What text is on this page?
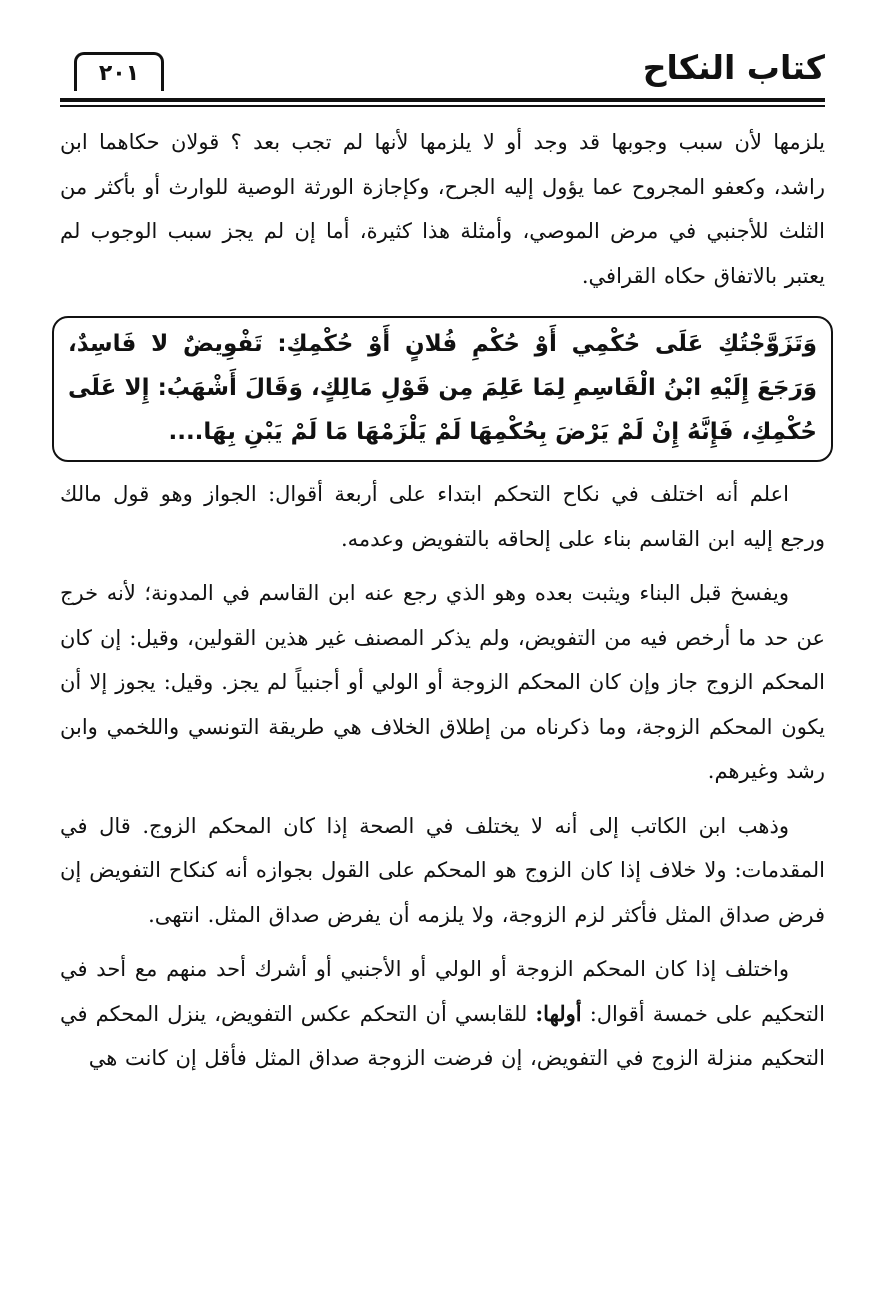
كتاب النكاح
٢٠١

يلزمها لأن سبب وجوبها قد وجد أو لا يلزمها لأنها لم تجب بعد ؟ قولان حكاهما ابن راشد، وكعفو المجروح عما يؤول إليه الجرح، وكإجازة الورثة الوصية للوارث أو بأكثر من الثلث للأجنبي في مرض الموصي، وأمثلة هذا كثيرة، أما إن لم يجز سبب الوجوب لم يعتبر بالاتفاق حكاه القرافي.

وَتَزَوَّجْتُكِ عَلَى حُكْمِي أَوْ حُكْمِ فُلانٍ أَوْ حُكْمِكِ: تَفْوِيضٌ لا فَاسِدٌ، وَرَجَعَ إِلَيْهِ ابْنُ الْقَاسِمِ لِمَا عَلِمَ مِن قَوْلِ مَالِكٍ، وَقَالَ أَشْهَبُ: إِلا عَلَى حُكْمِكِ، فَإِنَّهُ إِنْ لَمْ يَرْضَ بِحُكْمِهَا لَمْ يَلْزَمْهَا مَا لَمْ يَبْنِ بِهَا....

اعلم أنه اختلف في نكاح التحكم ابتداء على أربعة أقوال: الجواز وهو قول مالك ورجع إليه ابن القاسم بناء على إلحاقه بالتفويض وعدمه.

ويفسخ قبل البناء ويثبت بعده وهو الذي رجع عنه ابن القاسم في المدونة؛ لأنه خرج عن حد ما أرخص فيه من التفويض، ولم يذكر المصنف غير هذين القولين، وقيل: إن كان المحكم الزوج جاز وإن كان المحكم الزوجة أو الولي أو أجنبياً لم يجز. وقيل: يجوز إلا أن يكون المحكم الزوجة، وما ذكرناه من إطلاق الخلاف هي طريقة التونسي واللخمي وابن رشد وغيرهم.

وذهب ابن الكاتب إلى أنه لا يختلف في الصحة إذا كان المحكم الزوج. قال في المقدمات: ولا خلاف إذا كان الزوج هو المحكم على القول بجوازه أنه كنكاح التفويض إن فرض صداق المثل فأكثر لزم الزوجة، ولا يلزمه أن يفرض صداق المثل. انتهى.

واختلف إذا كان المحكم الزوجة أو الولي أو الأجنبي أو أشرك أحد منهم مع أحد في التحكيم على خمسة أقوال: أولها: للقابسي أن التحكم عكس التفويض، ينزل المحكم في التحكيم منزلة الزوج في التفويض، إن فرضت الزوجة صداق المثل فأقل إن كانت هي
